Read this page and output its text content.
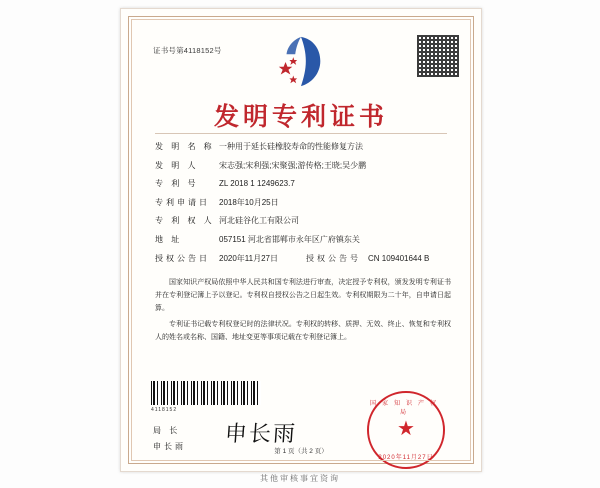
证书号第4118152号
发明专利证书
发 明 名 称 一种用于延长硅橡胶寿命的性能修复方法
发 明 人	宋志强;宋利强;宋聚强;游传格;王晓;吴少鹏
专 利 号	ZL 2018 1 1249623.7
专利申请日	2018年10月25日
专 利 权 人 河北硅谷化工有限公司
地 址	057151 河北省邯郸市永年区广府镇东关
授权公告日	2020年11月27日	授权公告号 CN 109401644 B

国家知识产权局依照中华人民共和国专利法进行审查，决定授予专利权，颁发发明专利证书并在专利登记簿上予以登记。专利权自授权公告之日起生效。专利权期限为二十年，自申请日起算。

专利证书记载专利权登记时的法律状况。专利权的转移、质押、无效、终止、恢复和专利权人的姓名或名称、国籍、地址变更等事项记载在专利登记簿上。

4118152
局 长
申长雨 申长雨
国家知识产权局
★
2020年11月27日
第 1 页（共 2 页）
其他审核事宜资询
